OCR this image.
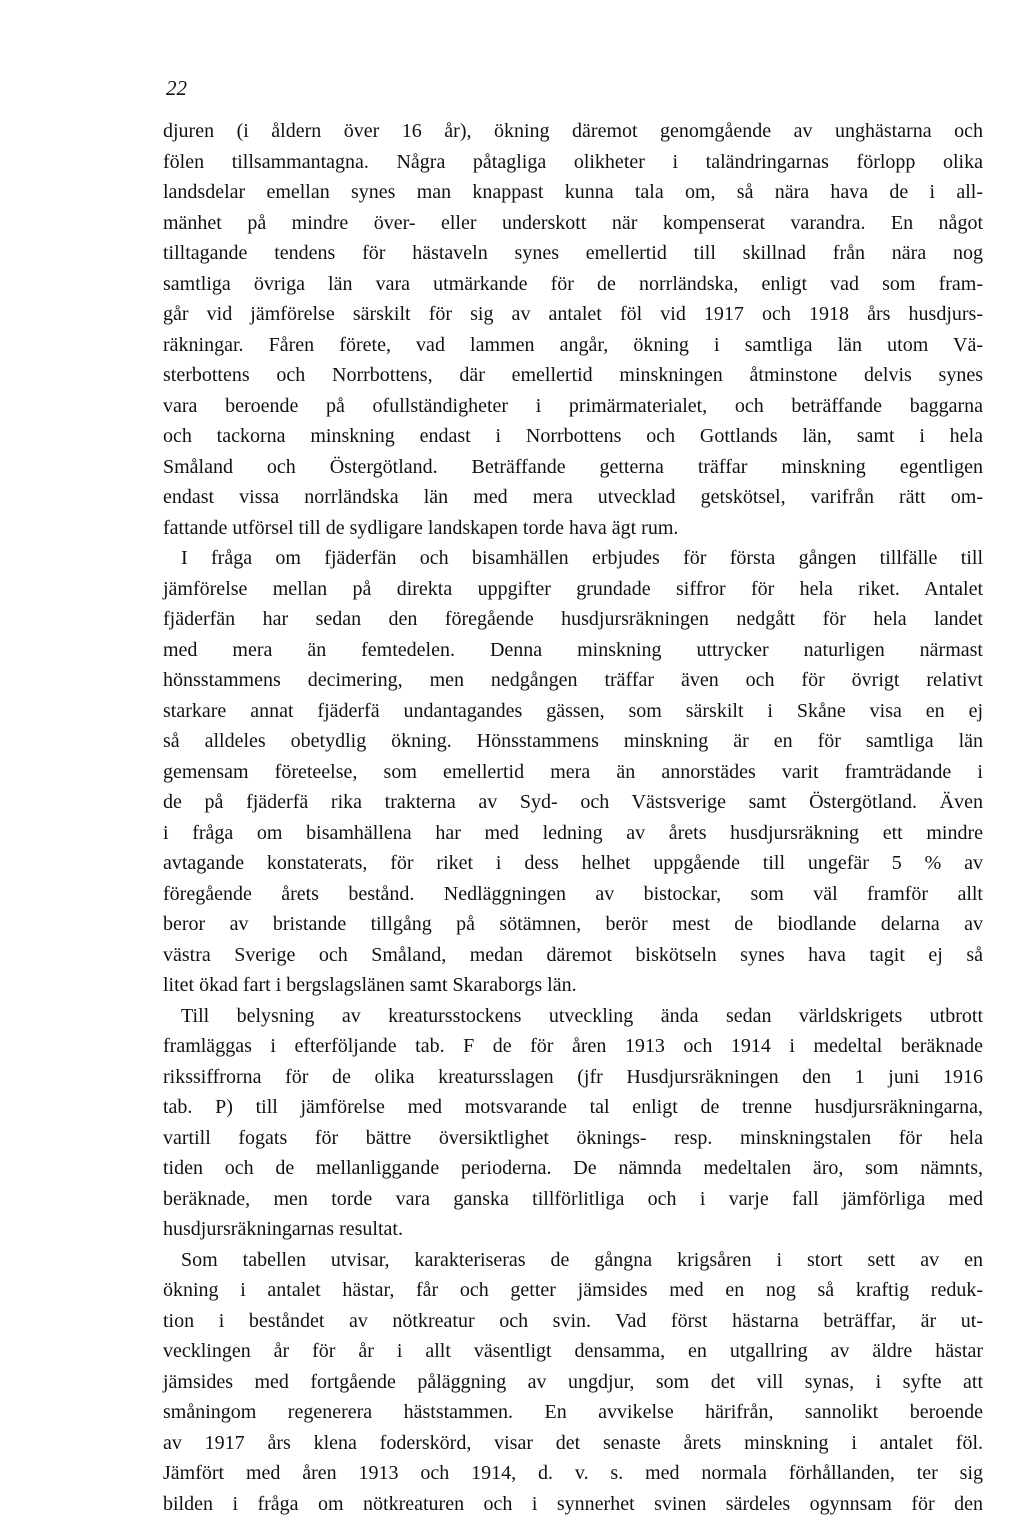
22
djuren (i åldern över 16 år), ökning däremot genomgående av unghästarna och
fölen tillsammantagna. Några påtagliga olikheter i taländringarnas förlopp olika
landsdelar emellan synes man knappast kunna tala om, så nära hava de i all-
mänhet på mindre över- eller underskott när kompenserat varandra. En något
tilltagande tendens för hästaveln synes emellertid till skillnad från nära nog
samtliga övriga län vara utmärkande för de norrländska, enligt vad som fram-
går vid jämförelse särskilt för sig av antalet föl vid 1917 och 1918 års husdjurs-
räkningar. Fåren förete, vad lammen angår, ökning i samtliga län utom Vä-
sterbottens och Norrbottens, där emellertid minskningen åtminstone delvis synes
vara beroende på ofullständigheter i primärmaterialet, och beträffande baggarna
och tackorna minskning endast i Norrbottens och Gottlands län, samt i hela
Småland och Östergötland. Beträffande getterna träffar minskning egentligen
endast vissa norrländska län med mera utvecklad getskötsel, varifrån rätt om-
fattande utförsel till de sydligare landskapen torde hava ägt rum.
I fråga om fjäderfän och bisamhällen erbjudes för första gången tillfälle till
jämförelse mellan på direkta uppgifter grundade siffror för hela riket. Antalet
fjäderfän har sedan den föregående husdjursräkningen nedgått för hela landet
med mera än femtedelen. Denna minskning uttrycker naturligen närmast
hönsstammens decimering, men nedgången träffar även och för övrigt relativt
starkare annat fjäderfä undantagandes gässen, som särskilt i Skåne visa en ej
så alldeles obetydlig ökning. Hönsstammens minskning är en för samtliga län
gemensam företeelse, som emellertid mera än annorstädes varit framträdande i
de på fjäderfä rika trakterna av Syd- och Västsverige samt Östergötland. Även
i fråga om bisamhällena har med ledning av årets husdjursräkning ett mindre
avtagande konstaterats, för riket i dess helhet uppgående till ungefär 5 % av
föregående årets bestånd. Nedläggningen av bistockar, som väl framför allt
beror av bristande tillgång på sötämnen, berör mest de biodlande delarna av
västra Sverige och Småland, medan däremot biskötseln synes hava tagit ej så
litet ökad fart i bergslagslänen samt Skaraborgs län.
Till belysning av kreatursstockens utveckling ända sedan världskrigets utbrott
framläggas i efterföljande tab. F de för åren 1913 och 1914 i medeltal beräknade
rikssiffrorna för de olika kreatursslagen (jfr Husdjursräkningen den 1 juni 1916
tab. P) till jämförelse med motsvarande tal enligt de trenne husdjursräkningarna,
vartill fogats för bättre översiktlighet öknings- resp. minskningstalen för hela
tiden och de mellanliggande perioderna. De nämnda medeltalen äro, som nämnts,
beräknade, men torde vara ganska tillförlitliga och i varje fall jämförliga med
husdjursräkningarnas resultat.
Som tabellen utvisar, karakteriseras de gångna krigsåren i stort sett av en
ökning i antalet hästar, får och getter jämsides med en nog så kraftig reduk-
tion i beståndet av nötkreatur och svin. Vad först hästarna beträffar, är ut-
vecklingen år för år i allt väsentligt densamma, en utgallring av äldre hästar
jämsides med fortgående påläggning av ungdjur, som det vill synas, i syfte att
småningom regenerera häststammen. En avvikelse härifrån, sannolikt beroende
av 1917 års klena foderskörd, visar det senaste årets minskning i antalet föl.
Jämfört med åren 1913 och 1914, d. v. s. med normala förhållanden, ter sig
bilden i fråga om nötkreaturen och i synnerhet svinen särdeles ogynnsam för den
